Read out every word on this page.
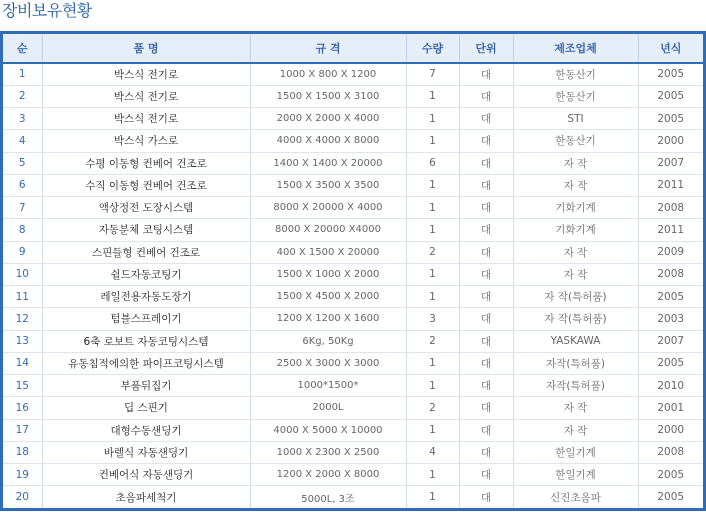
장비보유현황
순	품 명	규 격	수량	단위	제조업체	년식
1	박스식 전기로	1000 X 800 X 1200	7	대	한동산기	2005
2	박스식 전기로	1500 X 1500 X 3100	1	대	한동산기	2005
3	박스식 전기로	2000 X 2000 X 4000	1	대	STI	2005
4	박스식 가스로	4000 X 4000 X 8000	1	대	한동산기	2000
5	수평 이동형 컨베어 건조로	1400 X 1400 X 20000	6	대	자 작	2007
6	수직 이동형 컨베어 건조로	1500 X 3500 X 3500	1	대	자 작	2011
7	액상정전 도장시스템	8000 X 20000 X 4000	1	대	기화기계	2008
8	자동분체 코팅시스템	8000 X 20000 X4000	1	대	기화기계	2011
9	스핀들형 컨베어 건조로	400 X 1500 X 20000	2	대	자 작	2009
10	쉴드자동코팅기	1500 X 1000 X 2000	1	대	자 작	2008
11	레일전용자동도장기	1500 X 4500 X 2000	1	대	자 작(특허품)	2005
12	텀블스프레이기	1200 X 1200 X 1600	3	대	자 작(특허품)	2003
13	6축 로보트 자동코팅시스템	6Kg, 50Kg	2	대	YASKAWA	2007
14	유동침적에의한 파이프코팅시스템	2500 X 3000 X 3000	1	대	자작(특허품)	2005
15	부품뒤집기	1000*1500*	1	대	자작(특허품)	2010
16	딥 스핀기	2000L	2	대	자 작	2001
17	대형수동샌딩기	4000 X 5000 X 10000	1	대	자 작	2000
18	바렐식 자동샌딩기	1000 X 2300 X 2500	4	대	한일기계	2008
19	컨베어식 자동샌딩기	1200 X 2000 X 8000	1	대	한일기계	2005
20	초음파세척기	5000L, 3조	1	대	신진초음파	2005
